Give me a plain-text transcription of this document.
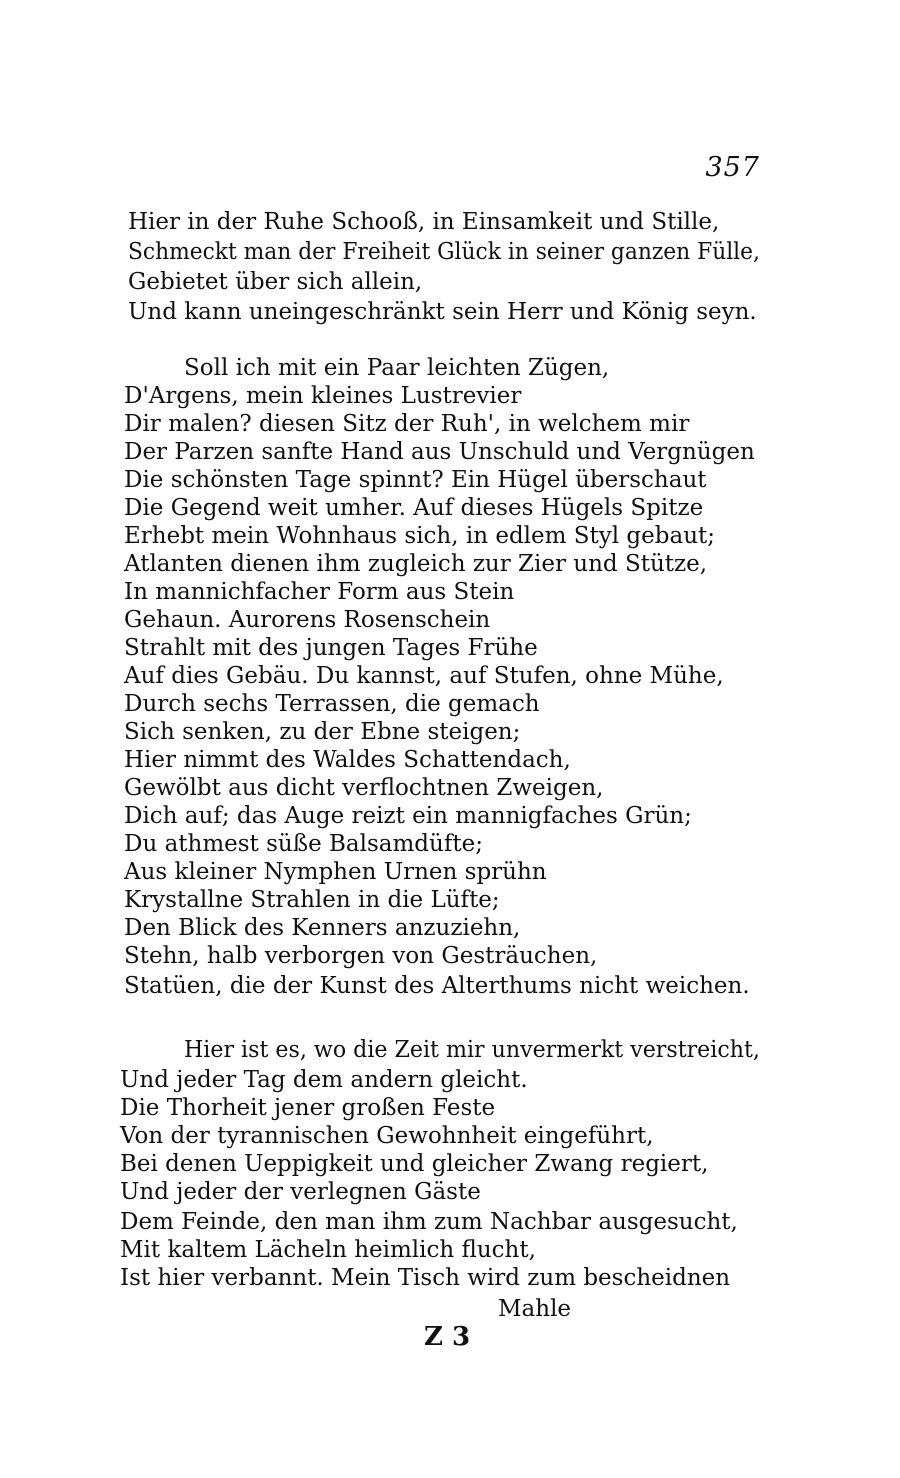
357
Hier in der Ruhe Schooß, in Einsamkeit und Stille,
Schmeckt man der Freiheit Glück in seiner ganzen Fülle,
Gebietet über sich allein,
Und kann uneingeschränkt sein Herr und König seyn.
Soll ich mit ein Paar leichten Zügen,
D'Argens, mein kleines Lustrevier
Dir malen? diesen Sitz der Ruh', in welchem mir
Der Parzen sanfte Hand aus Unschuld und Vergnügen
Die schönsten Tage spinnt? Ein Hügel überschaut
Die Gegend weit umher. Auf dieses Hügels Spitze
Erhebt mein Wohnhaus sich, in edlem Styl gebaut;
Atlanten dienen ihm zugleich zur Zier und Stütze,
In mannichfacher Form aus Stein
Gehaun. Aurorens Rosenschein
Strahlt mit des jungen Tages Frühe
Auf dies Gebäu. Du kannst, auf Stufen, ohne Mühe,
Durch sechs Terrassen, die gemach
Sich senken, zu der Ebne steigen;
Hier nimmt des Waldes Schattendach,
Gewölbt aus dicht verflochtnen Zweigen,
Dich auf; das Auge reizt ein mannigfaches Grün;
Du athmest süße Balsamdüfte;
Aus kleiner Nymphen Urnen sprühn
Krystallne Strahlen in die Lüfte;
Den Blick des Kenners anzuziehn,
Stehn, halb verborgen von Gesträuchen,
Statüen, die der Kunst des Alterthums nicht weichen.
Hier ist es, wo die Zeit mir unvermerkt verstreicht,
Und jeder Tag dem andern gleicht.
Die Thorheit jener großen Feste
Von der tyrannischen Gewohnheit eingeführt,
Bei denen Ueppigkeit und gleicher Zwang regiert,
Und jeder der verlegnen Gäste
Dem Feinde, den man ihm zum Nachbar ausgesucht,
Mit kaltem Lächeln heimlich flucht,
Ist hier verbannt. Mein Tisch wird zum bescheidnen
Mahle
Z 3
